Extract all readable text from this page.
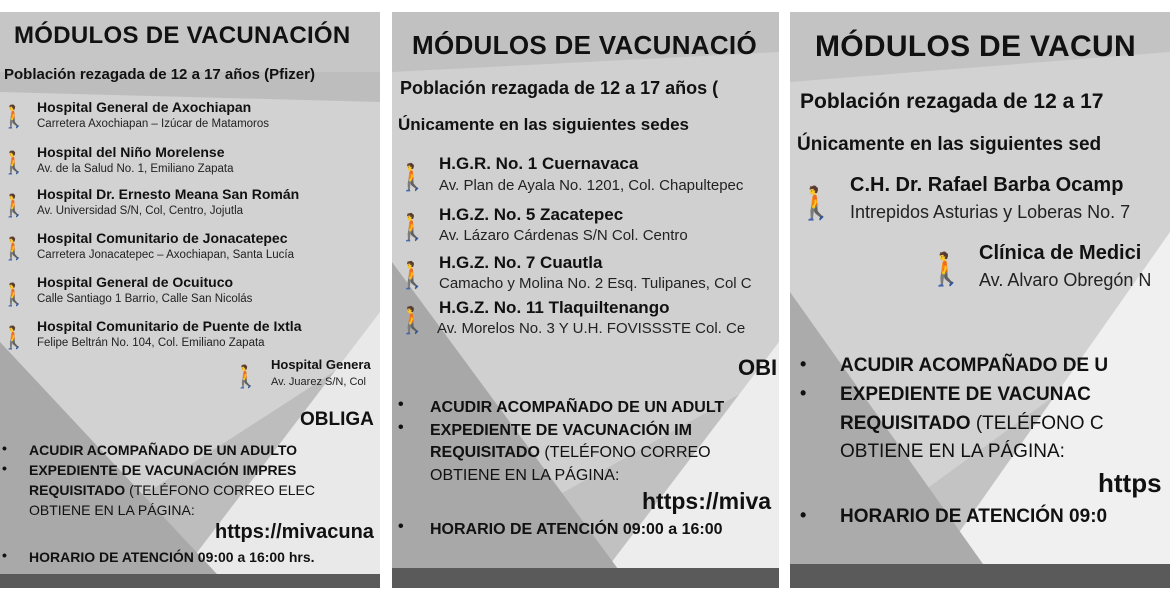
MÓDULOS DE VACUNACIÓN
Población rezagada de 12 a 17 años (Pfizer)
🚶 Hospital General de Axochiapan
Carretera Axochiapan – Izúcar de Matamoros
🚶 Hospital del Niño Morelense
Av. de la Salud No. 1, Emiliano Zapata
🚶 Hospital Dr. Ernesto Meana San Román
Av. Universidad S/N, Col, Centro, Jojutla
🚶 Hospital Comunitario de Jonacatepec
Carretera Jonacatepec – Axochiapan, Santa Lucía
🚶 Hospital General de Ocuituco
Calle Santiago 1 Barrio, Calle San Nicolás
🚶 Hospital Comunitario de Puente de Ixtla
Felipe Beltrán No. 104, Col. Emiliano Zapata
🚶 Hospital Genera
Av. Juarez S/N, Col
OBLIGA
• ACUDIR ACOMPAÑADO DE UN ADULTO
• EXPEDIENTE DE VACUNACIÓN IMPRES
REQUISITADO (TELÉFONO CORREO ELEC
OBTIENE EN LA PÁGINA:
https://mivacuna
• HORARIO DE ATENCIÓN 09:00 a 16:00 hrs.
MÓDULOS DE VACUNACIÓ
Población rezagada de 12 a 17 años (
Únicamente en las siguientes sedes
🚶 H.G.R. No. 1 Cuernavaca
Av. Plan de Ayala No. 1201, Col. Chapultepec
🚶 H.G.Z. No. 5 Zacatepec
Av. Lázaro Cárdenas S/N Col. Centro
🚶 H.G.Z. No. 7 Cuautla
Camacho y Molina No. 2 Esq. Tulipanes, Col C
🚶 H.G.Z. No. 11 Tlaquiltenango
Av. Morelos No. 3 Y U.H. FOVISSSTE Col. Ce
OBI
• ACUDIR ACOMPAÑADO DE UN ADULT
• EXPEDIENTE DE VACUNACIÓN IM
REQUISITADO (TELÉFONO CORREO
OBTIENE EN LA PÁGINA:
https://miva
• HORARIO DE ATENCIÓN 09:00 a 16:00
MÓDULOS DE VACUN
Población rezagada de 12 a 17
Únicamente en las siguientes sed
🚶 C.H. Dr. Rafael Barba Ocamp
Intrepidos Asturias y Loberas No. 7
🚶 Clínica de Medici
Av. Alvaro Obregón N
• ACUDIR ACOMPAÑADO DE U
• EXPEDIENTE DE VACUNAC
REQUISITADO (TELÉFONO C
OBTIENE EN LA PÁGINA:
https
• HORARIO DE ATENCIÓN 09:0
